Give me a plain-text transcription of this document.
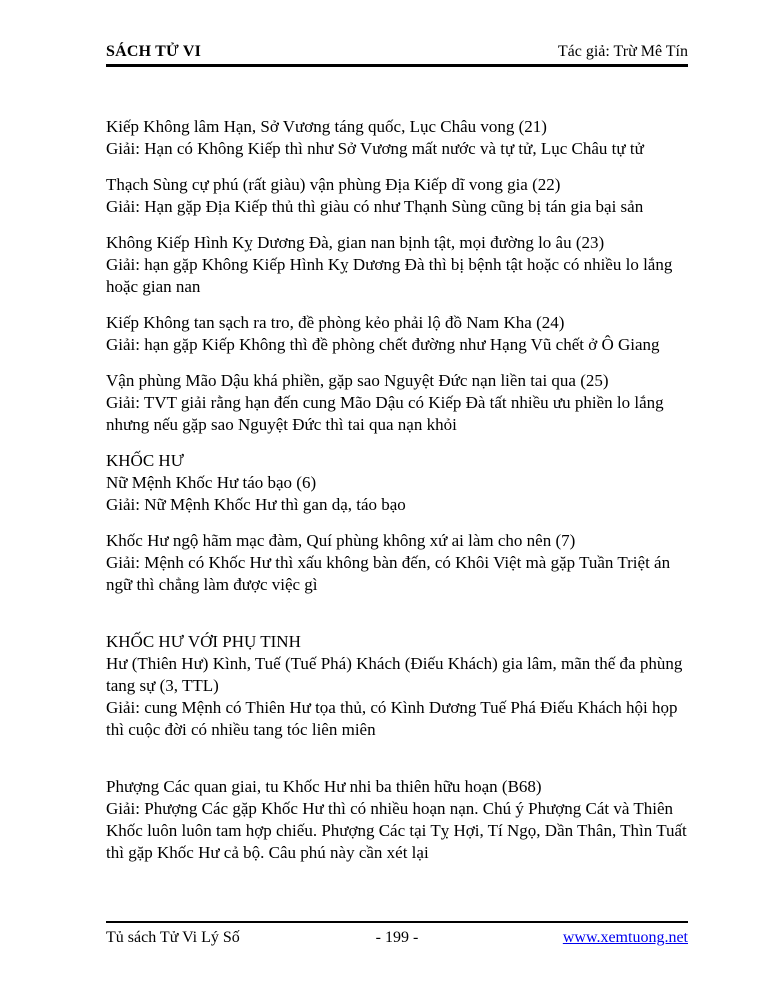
SÁCH TỬ VI	Tác giả: Trừ Mê Tín

Kiếp Không lâm Hạn, Sở Vương táng quốc, Lục Châu vong (21)

Giải: Hạn có Không Kiếp thì như Sở Vương mất nước và tự tử, Lục Châu tự tử

Thạch Sùng cự phú (rất giàu) vận phùng Địa Kiếp dĩ vong gia (22)

Giải: Hạn gặp Địa Kiếp thủ thì giàu có như Thạnh Sùng cũng bị tán gia bại sản

Không Kiếp Hình Kỵ Dương Đà, gian nan bịnh tật, mọi đường lo âu (23)

Giải: hạn gặp Không Kiếp Hình Kỵ Dương Đà thì bị bệnh tật hoặc có nhiều lo lắng hoặc gian nan

Kiếp Không tan sạch ra tro, đề phòng kẻo phải lộ đồ Nam Kha (24)

Giải: hạn gặp Kiếp Không thì đề phòng chết đường như Hạng Vũ chết ở Ô Giang

Vận phùng Mão Dậu khá phiền, gặp sao Nguyệt Đức nạn liền tai qua (25)

Giải: TVT giải rằng hạn đến cung Mão Dậu có Kiếp Đà tất nhiều ưu phiền lo lắng nhưng nếu gặp sao Nguyệt Đức thì tai qua nạn khỏi

KHỐC HƯ

Nữ Mệnh Khốc Hư táo bạo (6)

Giải: Nữ Mệnh Khốc Hư thì gan dạ, táo bạo

Khốc Hư ngộ hãm mạc đàm, Quí phùng không xứ ai làm cho nên (7)

Giải: Mệnh có Khốc Hư thì xấu không bàn đến, có Khôi Việt mà gặp Tuần Triệt án ngữ thì chẳng làm được việc gì

KHỐC HƯ VỚI PHỤ TINH

Hư (Thiên Hư) Kình, Tuế (Tuế Phá) Khách (Điếu Khách) gia lâm, mãn thế đa phùng tang sự (3, TTL)

Giải: cung Mệnh có Thiên Hư tọa thủ, có Kình Dương Tuế Phá Điếu Khách hội họp thì cuộc đời có nhiều tang tóc liên miên

Phượng Các quan giai, tu Khốc Hư nhi ba thiên hữu hoạn (B68)

Giải: Phượng Các gặp Khốc Hư thì có nhiều hoạn nạn. Chú ý Phượng Cát và Thiên Khốc luôn luôn tam hợp chiếu. Phượng Các tại Tỵ Hợi, Tí Ngọ, Dần Thân, Thìn Tuất thì gặp Khốc Hư cả bộ. Câu phú này cần xét lại

Tủ sách Tử Vi Lý Số	- 199 -	www.xemtuong.net
